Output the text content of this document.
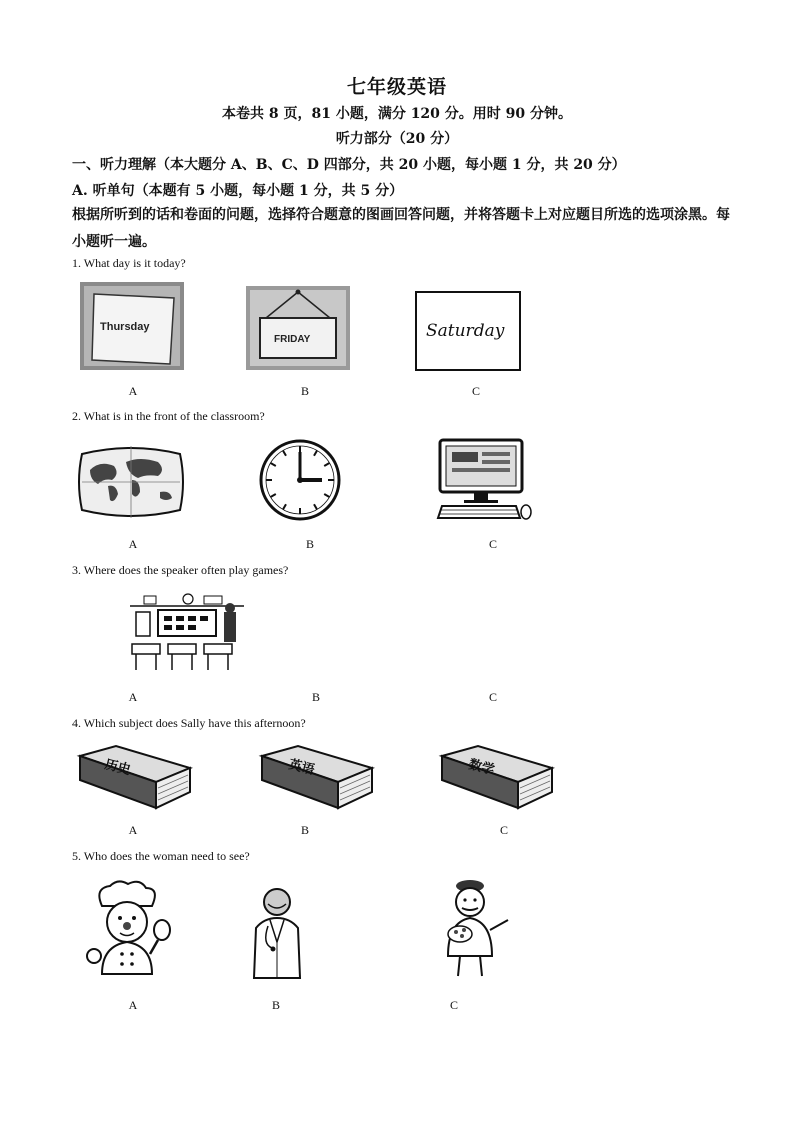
七年级英语
本卷共 8 页，81 小题，满分 120 分。用时 90 分钟。
听力部分（20 分）
一、听力理解（本大题分 A、B、C、D 四部分，共 20 小题，每小题 1 分，共 20 分）
A. 听单句（本题有 5 小题，每小题 1 分，共 5 分）
根据所听到的话和卷面的问题，选择符合题意的图画回答问题，并将答题卡上对应题目所选的选项涂黑。每小题听一遍。
1. What day is it today?
Thursday
FRIDAY	Saturday
A	B	C
2. What is in the front of the classroom?
A	B	C
3. Where does the speaker often play games?
A	B	C
4. Which subject does Sally have this afternoon?
历史	英语	数学
A	B	C
5. Who does the woman need to see?
A	B	C
